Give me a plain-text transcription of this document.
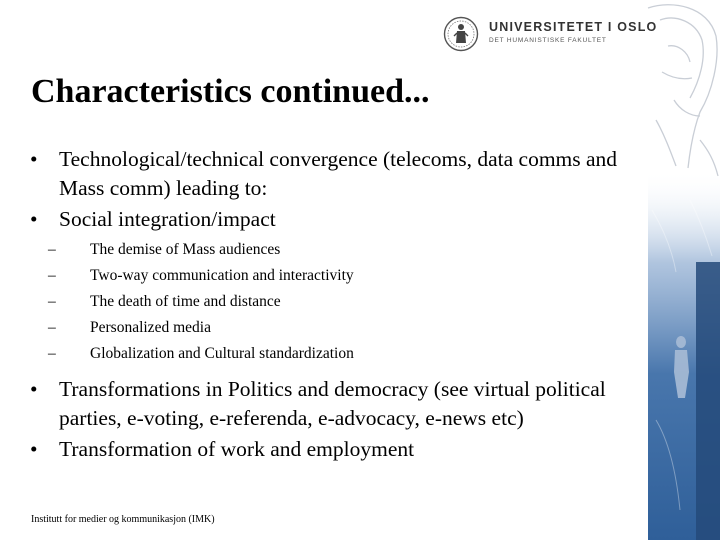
UNIVERSITETET I OSLO
DET HUMANISTISKE FAKULTET
Characteristics continued...
• Technological/technical convergence (telecoms, data comms and Mass comm) leading to:
• Social integration/impact
– The demise of Mass audiences
– Two-way communication and interactivity
– The death of time and distance
– Personalized media
– Globalization and Cultural standardization
• Transformations in Politics and democracy (see virtual political parties, e-voting, e-referenda, e-advocacy, e-news etc)
• Transformation of work and employment
Institutt for medier og kommunikasjon (IMK)
